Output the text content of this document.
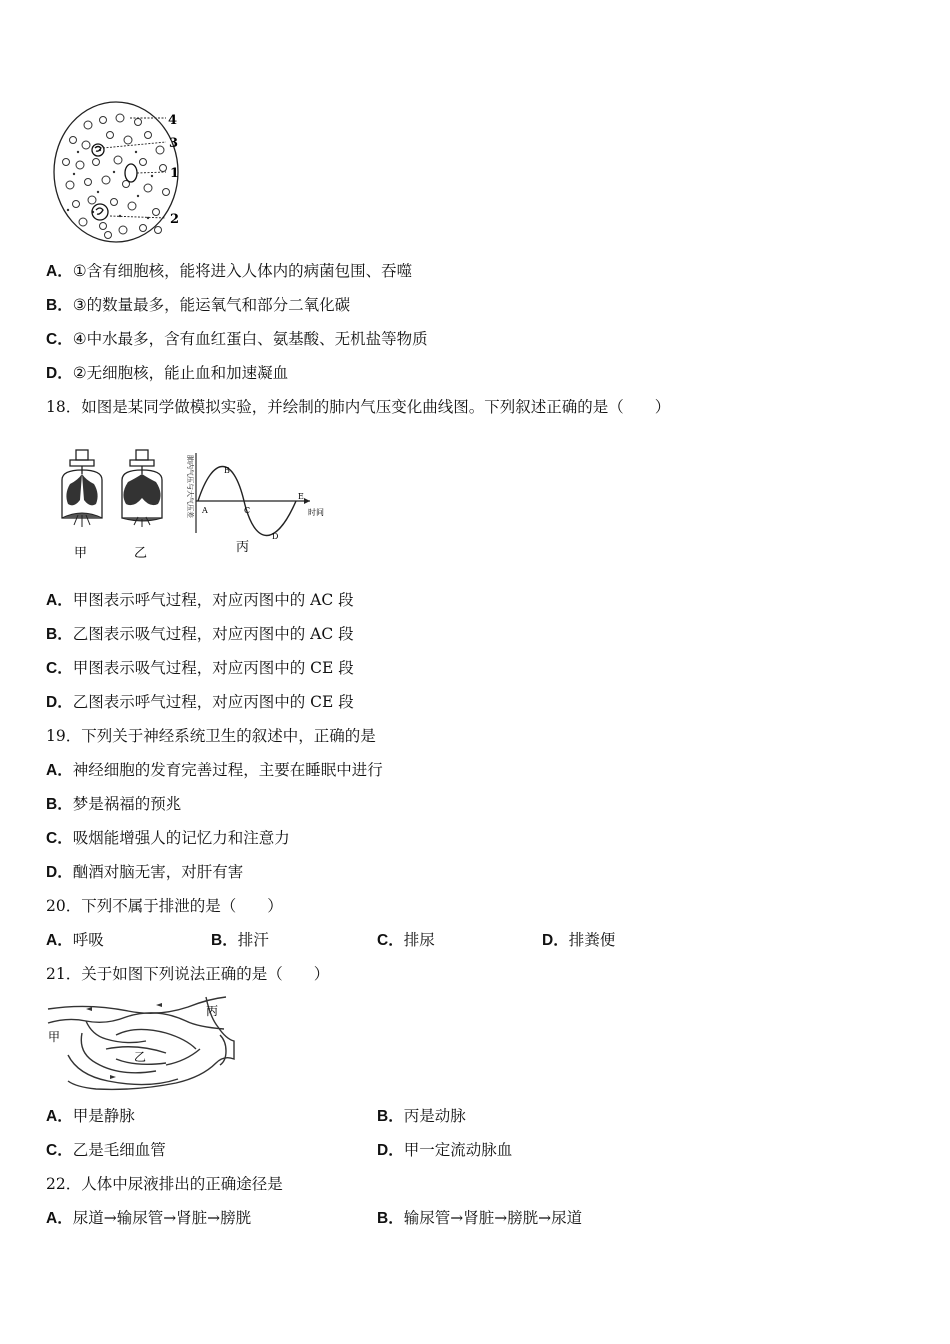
4
3
1
2
A．①含有细胞核，能将进入人体内的病菌包围、吞噬
B．③的数量最多，能运氧气和部分二氧化碳
C．④中水最多，含有血红蛋白、氨基酸、无机盐等物质
D．②无细胞核，能止血和加速凝血
18．如图是某同学做模拟实验，并绘制的肺内气压变化曲线图。下列叙述正确的是（　　）
甲	乙
肺内气压与大气压差	时间
A
B
C
D
E
丙
A．甲图表示呼气过程，对应丙图中的 AC 段
B．乙图表示吸气过程，对应丙图中的 AC 段
C．甲图表示吸气过程，对应丙图中的 CE 段
D．乙图表示呼气过程，对应丙图中的 CE 段
19．下列关于神经系统卫生的叙述中，正确的是
A．神经细胞的发育完善过程，主要在睡眠中进行
B．梦是祸福的预兆
C．吸烟能增强人的记忆力和注意力
D．酗酒对脑无害，对肝有害
20．下列不属于排泄的是（　　）
A．呼吸	B．排汗	C．排尿	D．排粪便
21．关于如图下列说法正确的是（　　）
甲
乙
丙
A．甲是静脉	B．丙是动脉
C．乙是毛细血管	D．甲一定流动脉血
22．人体中尿液排出的正确途径是
A．尿道→输尿管→肾脏→膀胱	B．输尿管→肾脏→膀胱→尿道
